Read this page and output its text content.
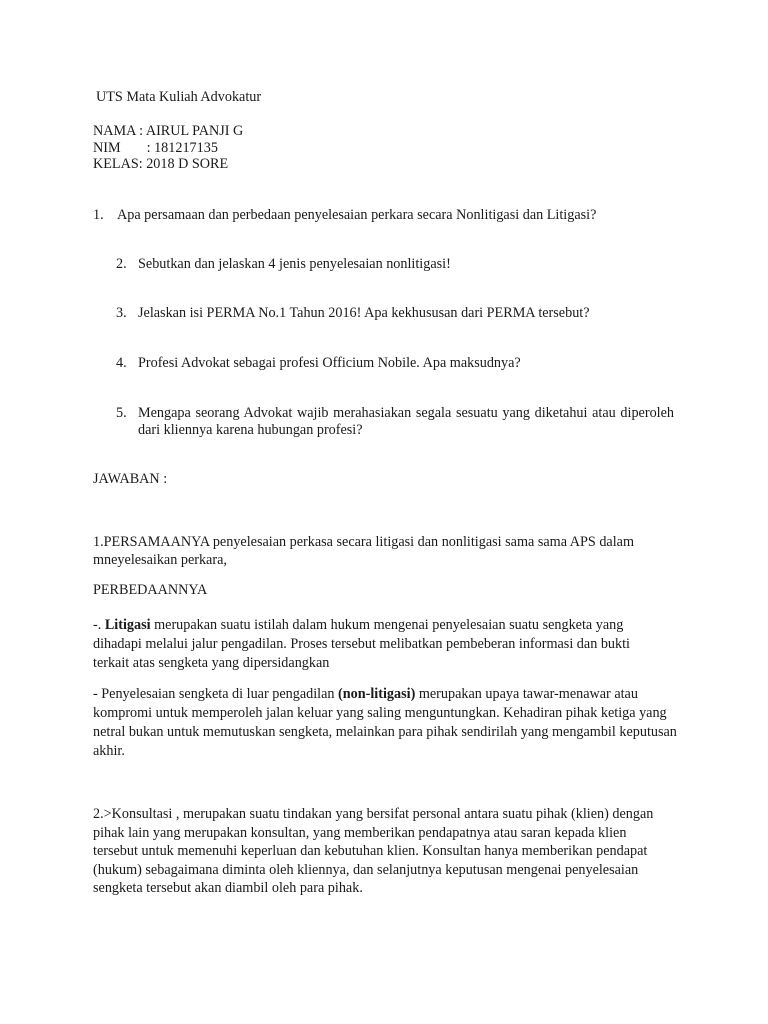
UTS Mata Kuliah Advokatur
NAMA : AIRUL PANJI G
NIM : 181217135
KELAS: 2018 D SORE
1. Apa persamaan dan perbedaan penyelesaian perkara secara Nonlitigasi dan Litigasi?
2. Sebutkan dan jelaskan 4 jenis penyelesaian nonlitigasi!
3. Jelaskan isi PERMA No.1 Tahun 2016! Apa kekhususan dari PERMA tersebut?
4. Profesi Advokat sebagai profesi Officium Nobile. Apa maksudnya?
5. Mengapa seorang Advokat wajib merahasiakan segala sesuatu yang diketahui atau diperoleh dari kliennya karena hubungan profesi?
JAWABAN :
1.PERSAMAANYA penyelesaian perkasa secara litigasi dan nonlitigasi sama sama APS dalam mneyelesaikan perkara,
PERBEDAANNYA
-. Litigasi merupakan suatu istilah dalam hukum mengenai penyelesaian suatu sengketa yang dihadapi melalui jalur pengadilan. Proses tersebut melibatkan pembeberan informasi dan bukti terkait atas sengketa yang dipersidangkan
- Penyelesaian sengketa di luar pengadilan (non-litigasi) merupakan upaya tawar-menawar atau kompromi untuk memperoleh jalan keluar yang saling menguntungkan. Kehadiran pihak ketiga yang netral bukan untuk memutuskan sengketa, melainkan para pihak sendirilah yang mengambil keputusan akhir.
2.>Konsultasi , merupakan suatu tindakan yang bersifat personal antara suatu pihak (klien) dengan pihak lain yang merupakan konsultan, yang memberikan pendapatnya atau saran kepada klien tersebut untuk memenuhi keperluan dan kebutuhan klien. Konsultan hanya memberikan pendapat (hukum) sebagaimana diminta oleh kliennya, dan selanjutnya keputusan mengenai penyelesaian sengketa tersebut akan diambil oleh para pihak.
